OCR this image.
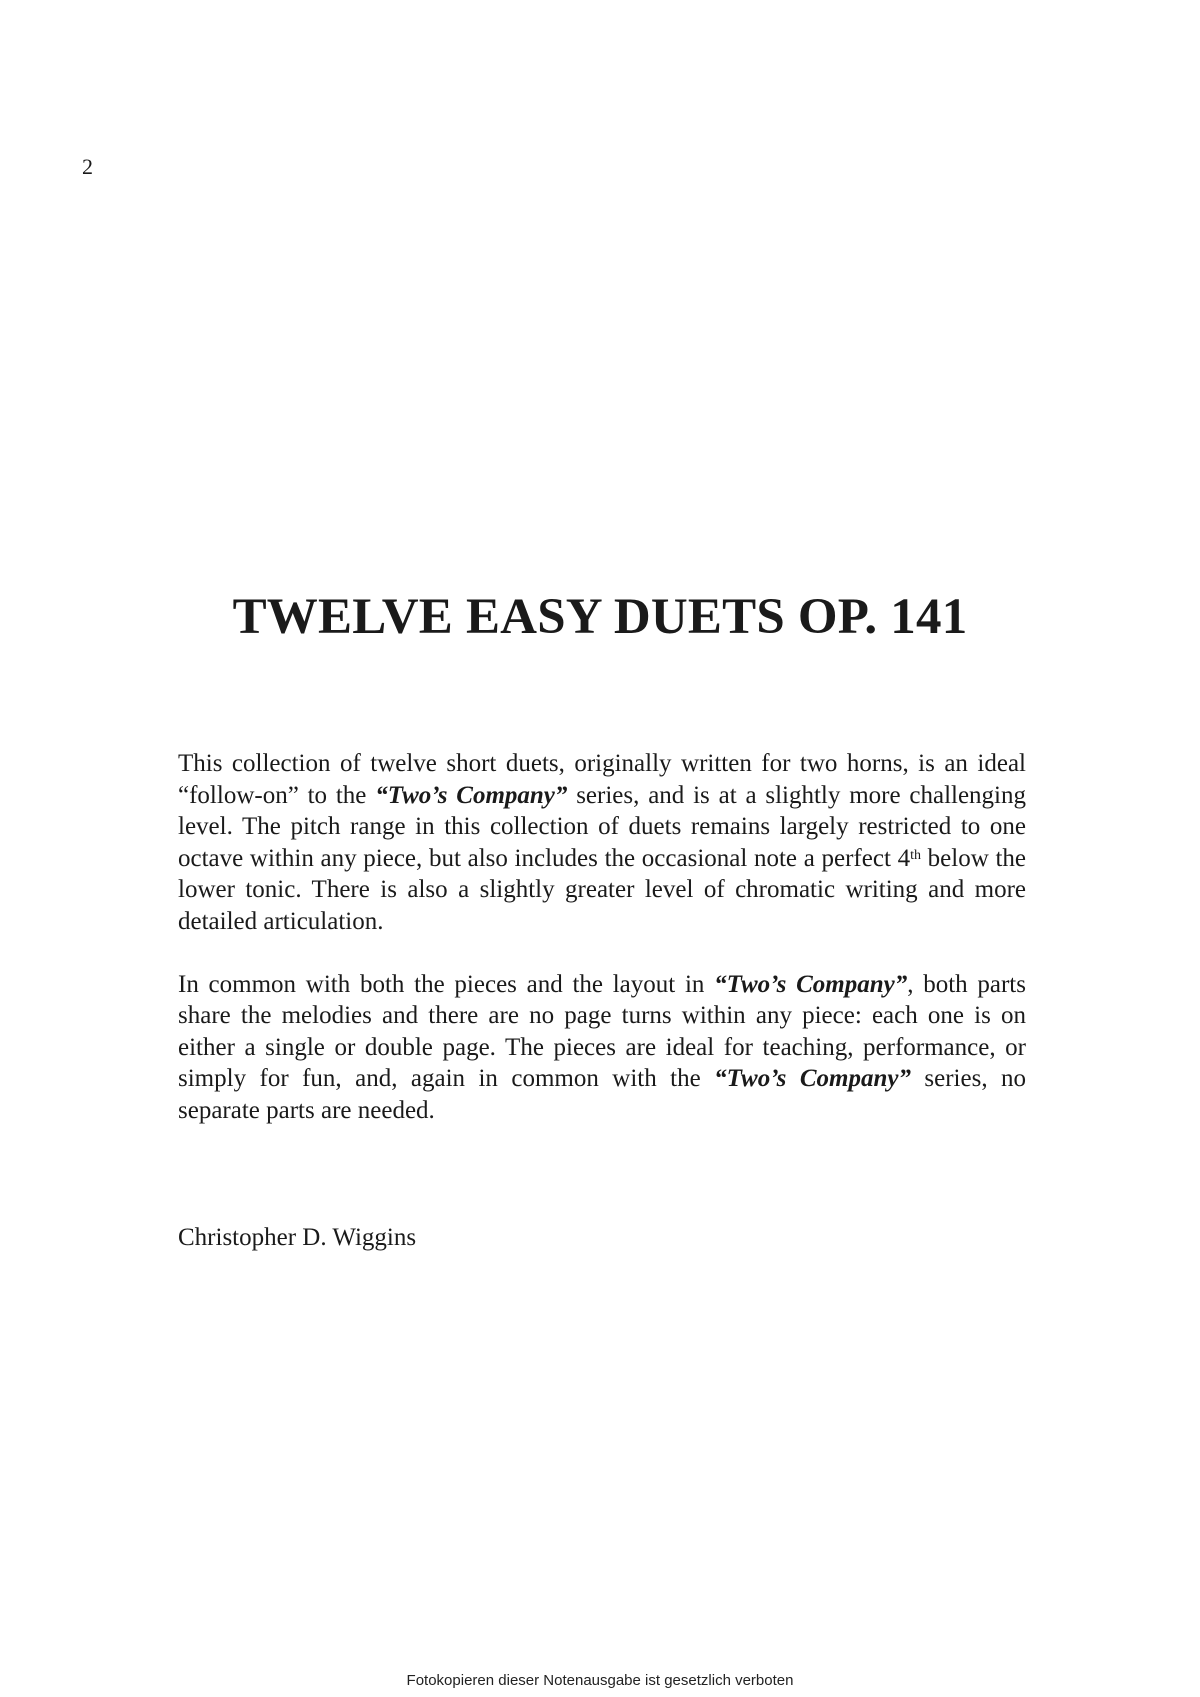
2
TWELVE EASY DUETS OP. 141

This collection of twelve short duets, originally written for two horns, is an ideal “follow-on” to the “Two’s Company” series, and is at a slightly more challenging level. The pitch range in this collection of duets remains largely restricted to one octave within any piece, but also includes the occasional note a perfect 4th below the lower tonic. There is also a slightly greater level of chromatic writing and more detailed articulation.

In common with both the pieces and the layout in “Two’s Company”, both parts share the melodies and there are no page turns within any piece: each one is on either a single or double page. The pieces are ideal for teaching, performance, or simply for fun, and, again in common with the “Two’s Company” series, no separate parts are needed.

Christopher D. Wiggins
Fotokopieren dieser Notenausgabe ist gesetzlich verboten
